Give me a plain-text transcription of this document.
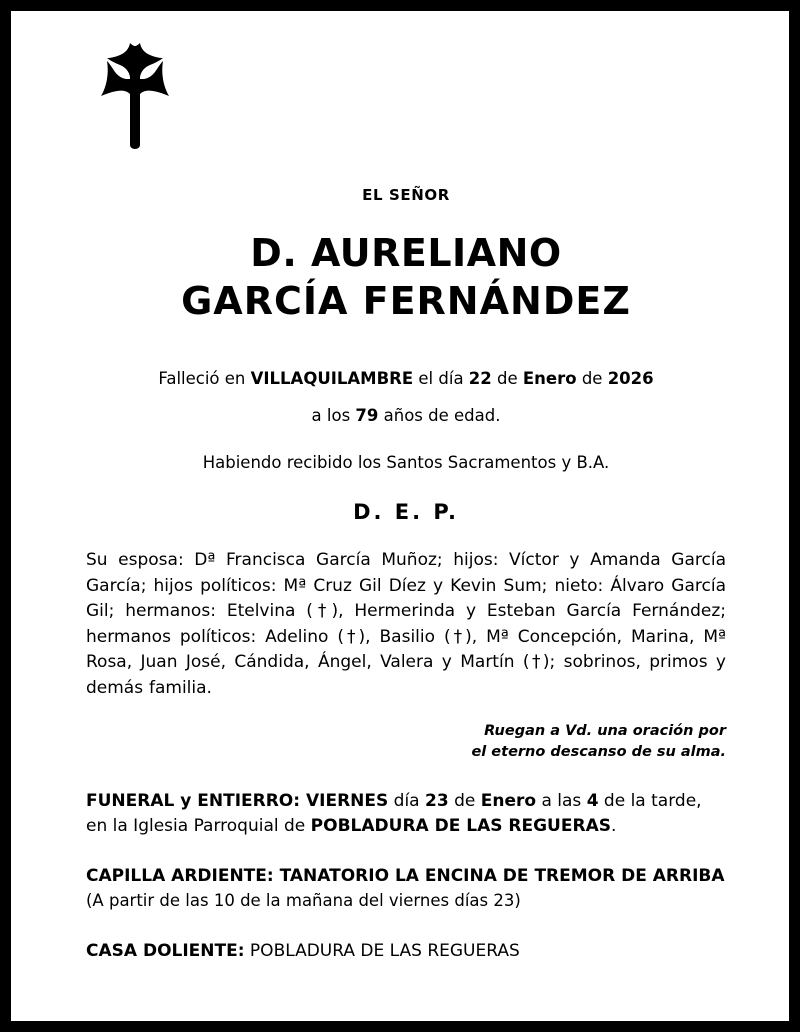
EL SEÑOR
D. AURELIANO
GARCÍA FERNÁNDEZ
Falleció en VILLAQUILAMBRE el día 22 de Enero de 2026
a los 79 años de edad.
Habiendo recibido los Santos Sacramentos y B.A.
D. E. P.
Su esposa: Dª Francisca García Muñoz; hijos: Víctor y Amanda García García; hijos políticos: Mª Cruz Gil Díez y Kevin Sum; nieto: Álvaro García Gil; hermanos: Etelvina (†), Hermerinda y Esteban García Fernández; hermanos políticos: Adelino (†), Basilio (†), Mª Concepción, Marina, Mª Rosa, Juan José, Cándida, Ángel, Valera y Martín (†); sobrinos, primos y demás familia.
Ruegan a Vd. una oración por
el eterno descanso de su alma.
FUNERAL y ENTIERRO: VIERNES día 23 de Enero a las 4 de la tarde, en la Iglesia Parroquial de POBLADURA DE LAS REGUERAS.
CAPILLA ARDIENTE: TANATORIO LA ENCINA DE TREMOR DE ARRIBA
(A partir de las 10 de la mañana del viernes días 23)
CASA DOLIENTE: POBLADURA DE LAS REGUERAS
